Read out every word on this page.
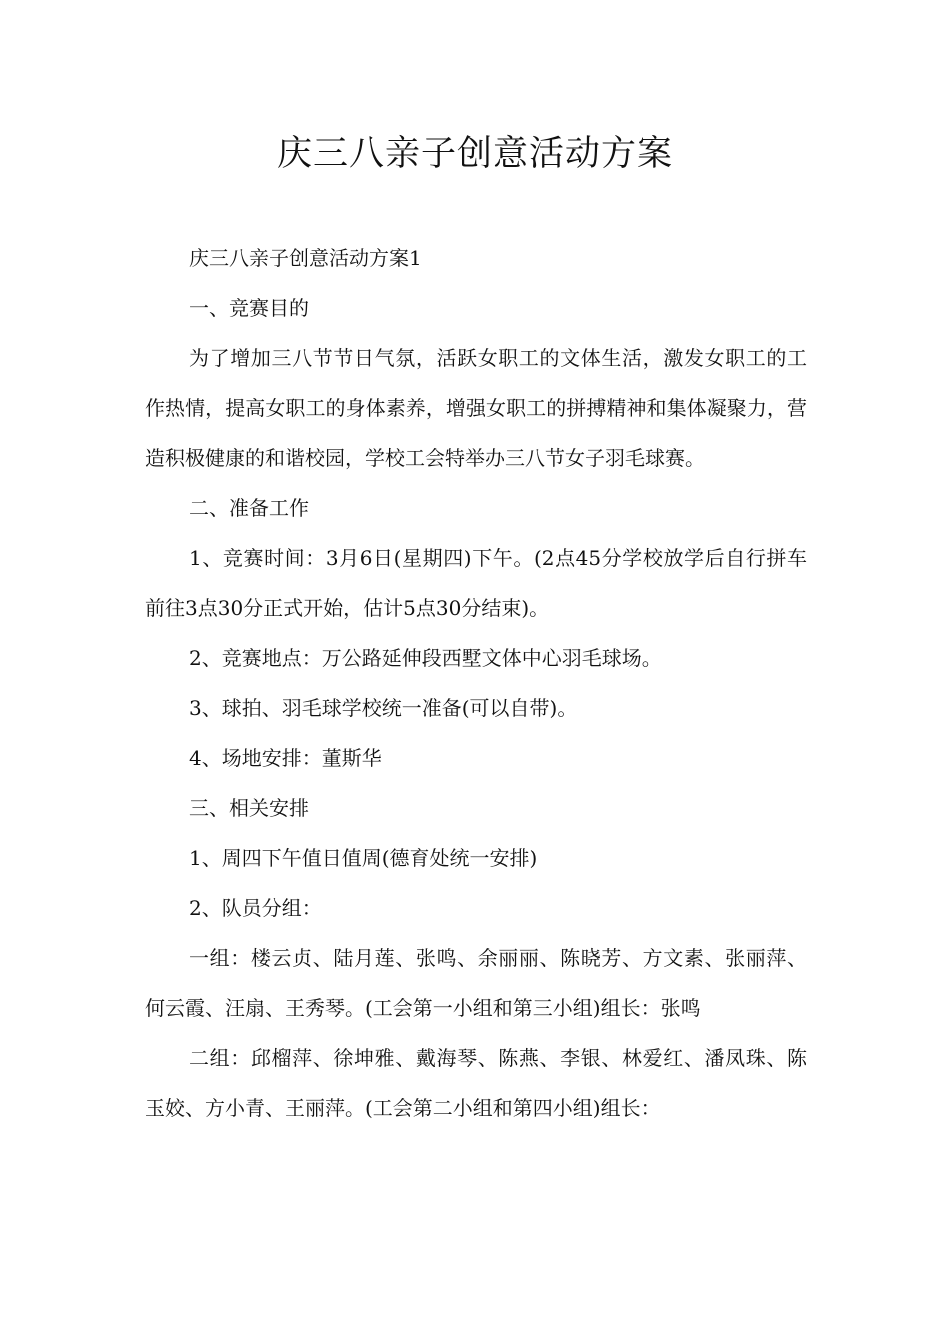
庆三八亲子创意活动方案

庆三八亲子创意活动方案1

一、竞赛目的

为了增加三八节节日气氛，活跃女职工的文体生活，激发女职工的工作热情，提高女职工的身体素养，增强女职工的拼搏精神和集体凝聚力，营造积极健康的和谐校园，学校工会特举办三八节女子羽毛球赛。

二、准备工作

1、竞赛时间：3月6日(星期四)下午。(2点45分学校放学后自行拼车前往3点30分正式开始，估计5点30分结束)。

2、竞赛地点：万公路延伸段西墅文体中心羽毛球场。

3、球拍、羽毛球学校统一准备(可以自带)。

4、场地安排：董斯华

三、相关安排

1、周四下午值日值周(德育处统一安排)

2、队员分组：

一组：楼云贞、陆月莲、张鸣、余丽丽、陈晓芳、方文素、张丽萍、何云霞、汪扇、王秀琴。(工会第一小组和第三小组)组长：张鸣

二组：邱榴萍、徐坤雅、戴海琴、陈燕、李银、林爱红、潘凤珠、陈玉姣、方小青、王丽萍。(工会第二小组和第四小组)组长：
